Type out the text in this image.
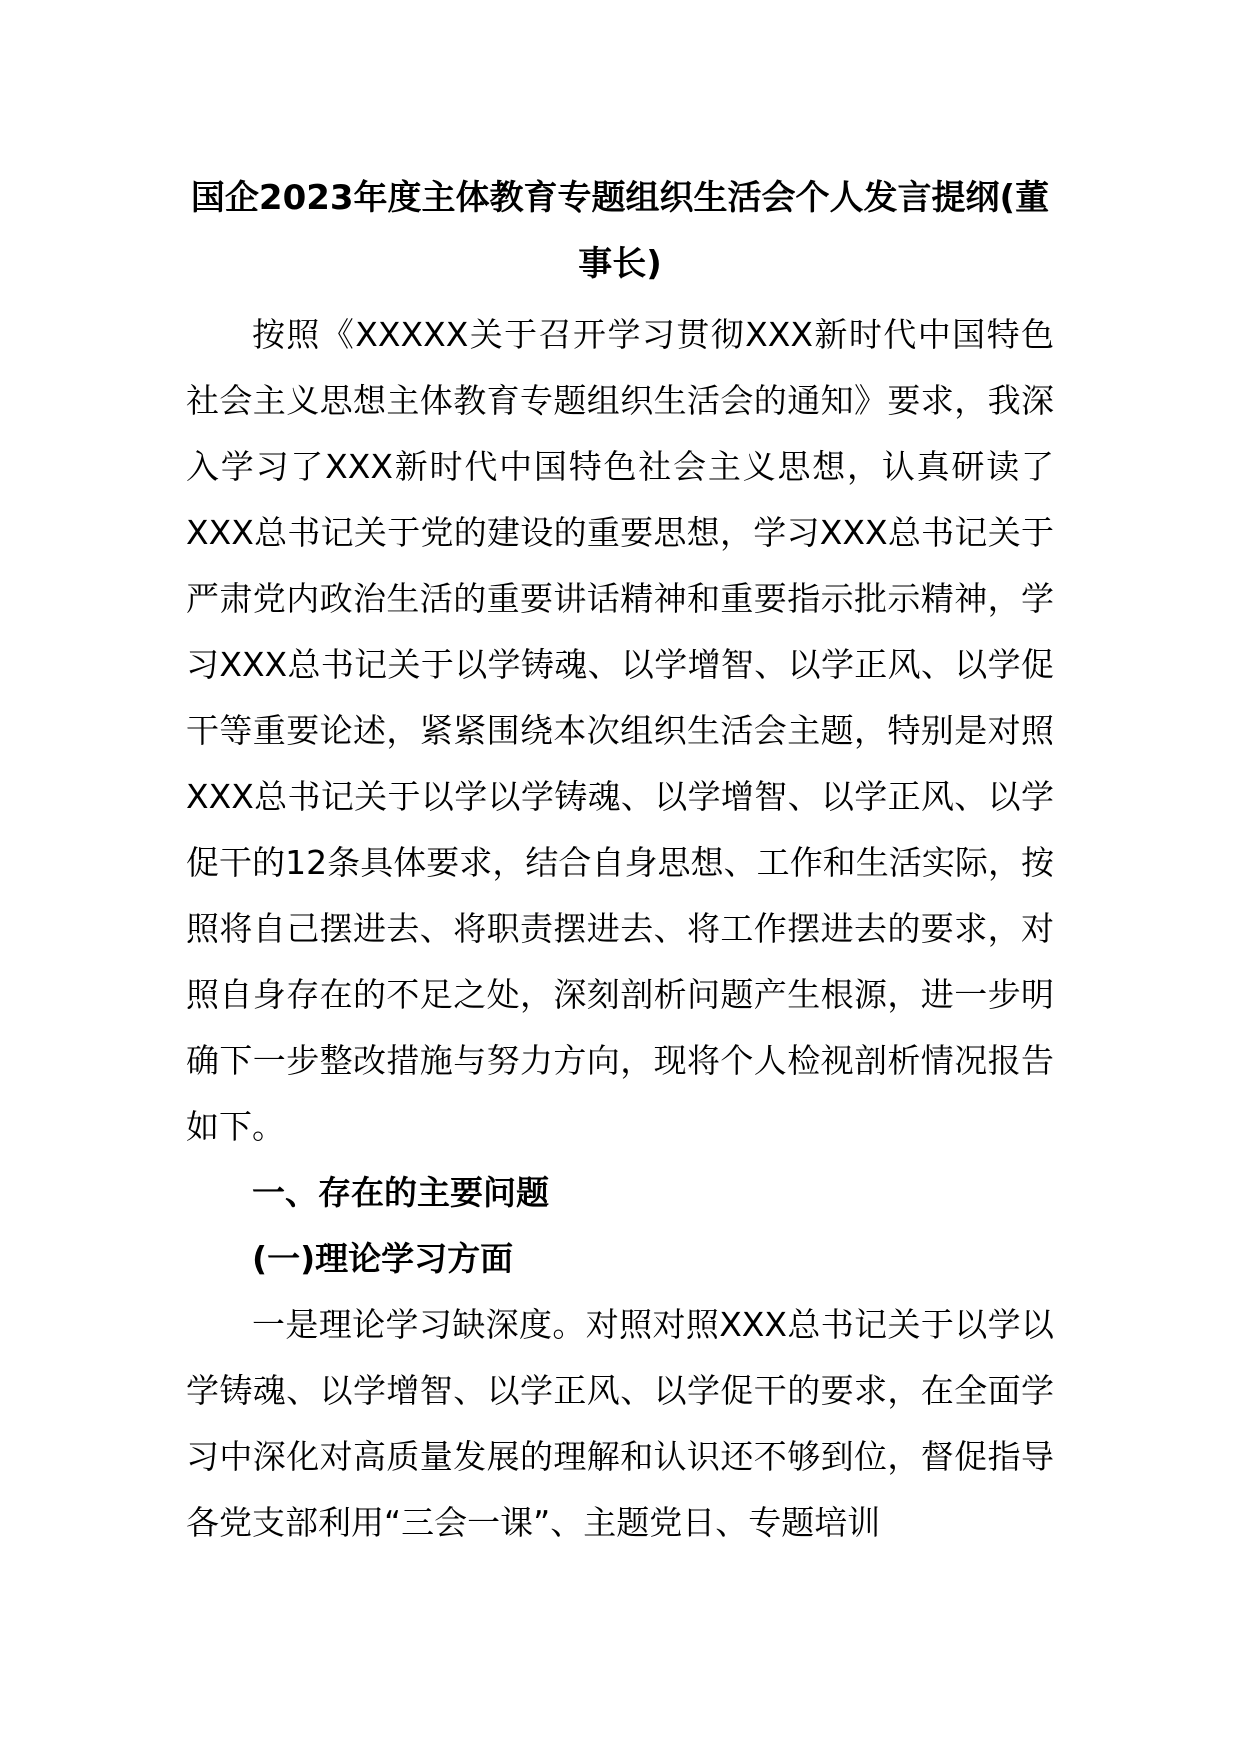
国企2023年度主体教育专题组织生活会个人发言提纲(董事长)

按照《XXXXX关于召开学习贯彻XXX新时代中国特色社会主义思想主体教育专题组织生活会的通知》要求，我深入学习了XXX新时代中国特色社会主义思想，认真研读了XXX总书记关于党的建设的重要思想，学习XXX总书记关于严肃党内政治生活的重要讲话精神和重要指示批示精神，学习XXX总书记关于以学铸魂、以学增智、以学正风、以学促干等重要论述，紧紧围绕本次组织生活会主题，特别是对照XXX总书记关于以学以学铸魂、以学增智、以学正风、以学促干的12条具体要求，结合自身思想、工作和生活实际，按照将自己摆进去、将职责摆进去、将工作摆进去的要求，对照自身存在的不足之处，深刻剖析问题产生根源，进一步明确下一步整改措施与努力方向，现将个人检视剖析情况报告如下。

一、存在的主要问题
(一)理论学习方面

一是理论学习缺深度。对照对照XXX总书记关于以学以学铸魂、以学增智、以学正风、以学促干的要求，在全面学习中深化对高质量发展的理解和认识还不够到位，督促指导各党支部利用“三会一课”、主题党日、专题培训
